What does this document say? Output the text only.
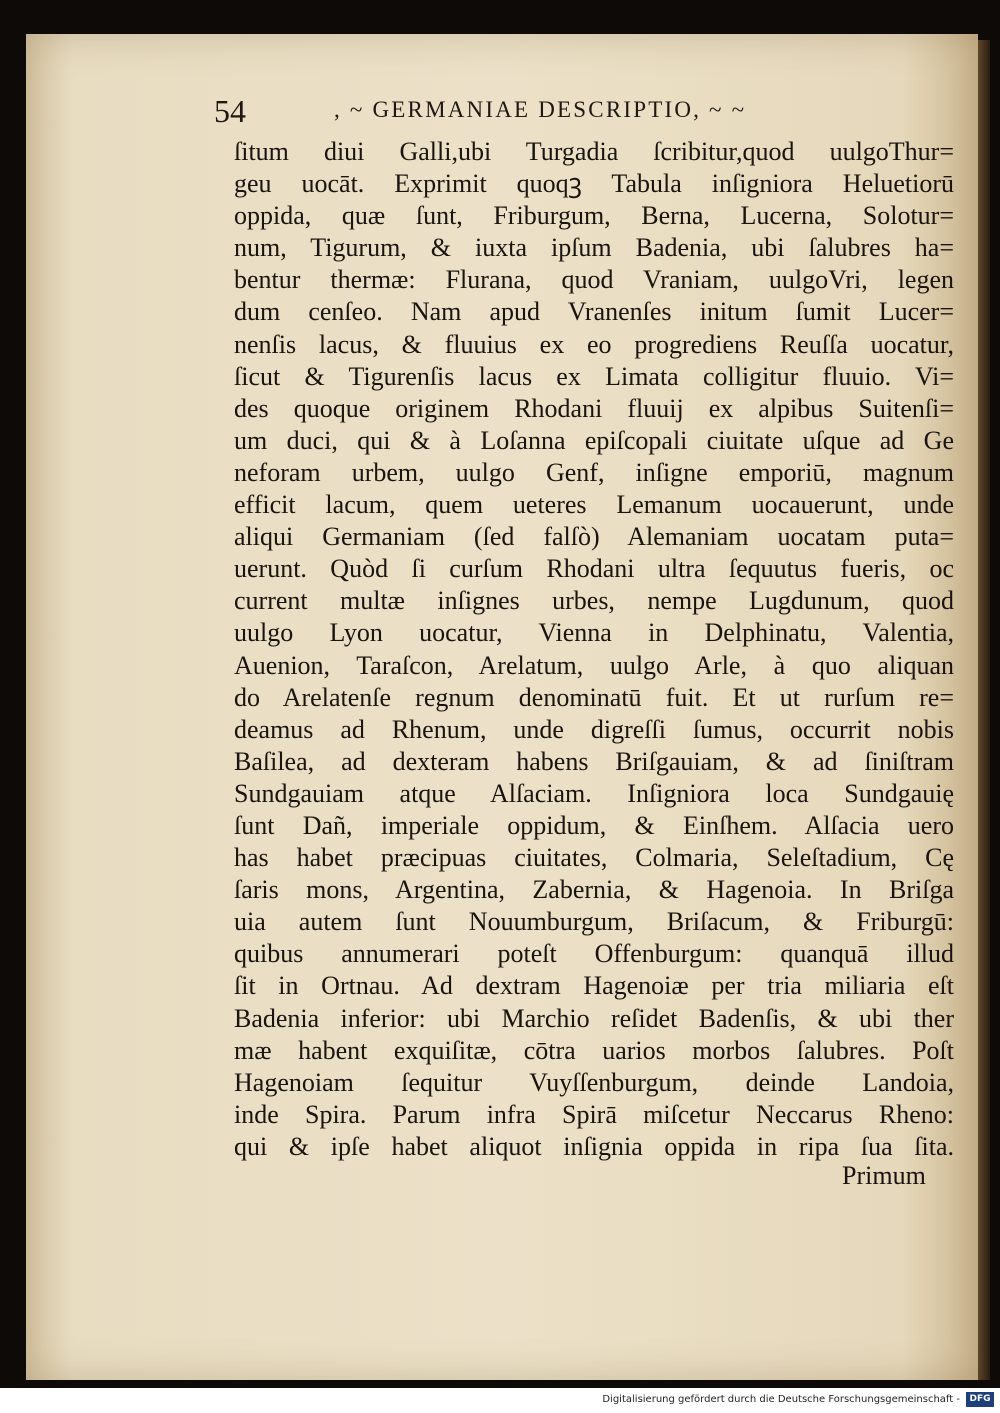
54	, ~ GERMANIAE DESCRIPTIO, ~ ~
ſitum diui Galli,ubi Turgadia ſcribitur,quod uulgoThur=
geu uocāt. Exprimit quoqꝫ Tabula inſigniora Heluetiorū
oppida, quæ ſunt, Friburgum, Berna, Lucerna, Solotur=
num, Tigurum, & iuxta ipſum Badenia, ubi ſalubres ha=
bentur thermæ: Flurana, quod Vraniam, uulgoVri, legen
dum cenſeo. Nam apud Vranenſes initum ſumit Lucer=
nenſis lacus, & fluuius ex eo progrediens Reuſſa uocatur,
ſicut & Tigurenſis lacus ex Limata colligitur fluuio. Vi=
des quoque originem Rhodani fluuij ex alpibus Suitenſi=
um duci, qui & à Loſanna epiſcopali ciuitate uſque ad Ge
neforam urbem, uulgo Genf, inſigne emporiū, magnum
efficit lacum, quem ueteres Lemanum uocauerunt, unde
aliqui Germaniam (ſed falſò) Alemaniam uocatam puta=
uerunt. Quòd ſi curſum Rhodani ultra ſequutus fueris, oc
current multæ inſignes urbes, nempe Lugdunum, quod
uulgo Lyon uocatur, Vienna in Delphinatu, Valentia,
Auenion, Taraſcon, Arelatum, uulgo Arle, à quo aliquan
do Arelatenſe regnum denominatū fuit. Et ut rurſum re=
deamus ad Rhenum, unde digreſſi ſumus, occurrit nobis
Baſilea, ad dexteram habens Briſgauiam, & ad ſiniſtram
Sundgauiam atque Alſaciam. Inſigniora loca Sundgauię
ſunt Dañ, imperiale oppidum, & Einſhem. Alſacia uero
has habet præcipuas ciuitates, Colmaria, Seleſtadium, Cę
ſaris mons, Argentina, Zabernia, & Hagenoia. In Briſga
uia autem ſunt Nouumburgum, Briſacum, & Friburgū:
quibus annumerari poteſt Offenburgum: quanquā illud
ſit in Ortnau. Ad dextram Hagenoiæ per tria miliaria eſt
Badenia inferior: ubi Marchio reſidet Badenſis, & ubi ther
mæ habent exquiſitæ, cōtra uarios morbos ſalubres. Poſt
Hagenoiam ſequitur Vuyſſenburgum, deinde Landoia,
inde Spira. Parum infra Spirā miſcetur Neccarus Rheno:
qui & ipſe habet aliquot inſignia oppida in ripa ſua ſita.
Primum
Digitalisierung gefördert durch die Deutsche Forschungsgemeinschaft -	DFG
